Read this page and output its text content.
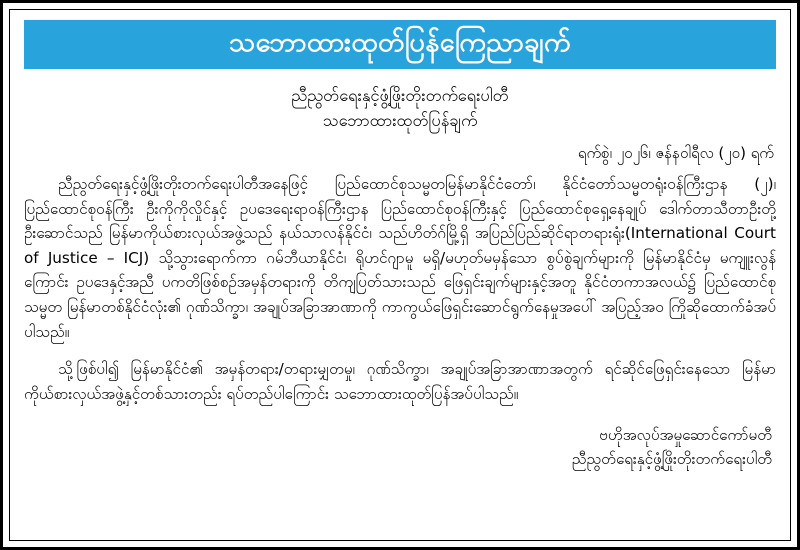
သဘောထားထုတ်ပြန်ကြေညာချက်
ညီညွတ်ရေးနှင့်ဖွံ့ဖြိုးတိုးတက်ရေးပါတီ
သဘောထားထုတ်ပြန်ချက်
ရက်စွဲ၊ ၂၀၂၆၊ ဇန်နဝါရီလ (၂၀) ရက်
ညီညွတ်ရေးနှင့်ဖွံ့ဖြိုးတိုးတက်ရေးပါတီအနေဖြင့် ပြည်ထောင်စုသမ္မတမြန်မာနိုင်ငံတော်၊ နိုင်ငံတော်သမ္မတရုံးဝန်ကြီးဌာန (၂)၊ ပြည်ထောင်စုဝန်ကြီး ဦးကိုကိုလှိုင်နှင့် ဥပဒေရေးရာဝန်ကြီးဌာန ပြည်ထောင်စုဝန်ကြီးနှင့် ပြည်ထောင်စုရှေ့နေချုပ် ဒေါက်တာသီတာဦးတို့ ဦးဆောင်သည် မြန်မာကိုယ်စားလှယ်အဖွဲ့သည် နယ်သာလန်နိုင်ငံ၊ သည်ဟိတ်ဂ်မြို့ရှိ အပြည်ပြည်ဆိုင်ရာတရားရုံး(International Court of Justice – ICJ) သို့သွားရောက်ကာ ဂမ်ဘီယာနိုင်ငံ၊ ရိုဟင်ဂျာမူ မရှိ/မဟုတ်မမှန်သော စွပ်စွဲချက်များကို မြန်မာနိုင်ငံမှ မကျူးလွန်ကြောင်း ဥပဒေနှင့်အညီ ပကတိဖြစ်စဉ်အမှန်တရားကို တိကျပြတ်သားသည် ဖြေရှင်းချက်များနှင့်အတူ နိုင်ငံတကာအလယ်၌ ပြည်ထောင်စုသမ္မတ မြန်မာတစ်နိုင်ငံလုံး၏ ဂုဏ်သိက္ခာ၊ အချုပ်အခြာအာဏာကို ကာကွယ်ဖြေရှင်းဆောင်ရွက်နေမှုအပေါ် အပြည့်အဝ ကြိုဆိုထောက်ခံအပ်ပါသည်။
သို့ဖြစ်ပါ၍ မြန်မာနိုင်ငံ၏ အမှန်တရား/တရားမျှတမှု၊ ဂုဏ်သိက္ခာ၊ အချုပ်အခြာအာဏာအတွက် ရင်ဆိုင်ဖြေရှင်းနေသော မြန်မာကိုယ်စားလှယ်အဖွဲ့နှင့်တစ်သားတည်း ရပ်တည်ပါကြောင်း သဘောထားထုတ်ပြန်အပ်ပါသည်။
ဗဟိုအလုပ်အမှုဆောင်ကော်မတီ
ညီညွတ်ရေးနှင့်ဖွံ့ဖြိုးတိုးတက်ရေးပါတီ
